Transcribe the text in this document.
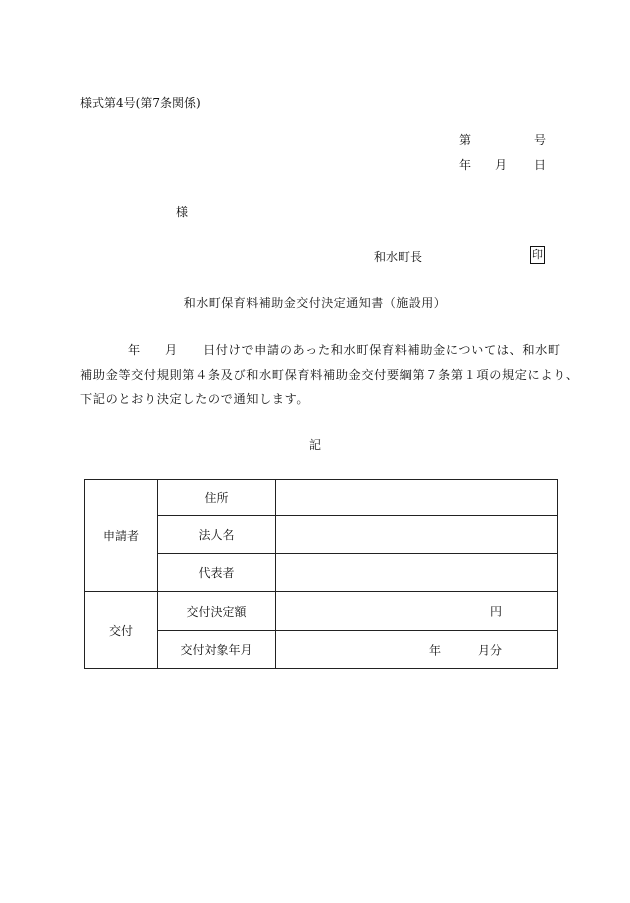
様式第4号(第7条関係)
第	号
年 月 日
様
和水町長	印
和水町保育料補助金交付決定通知書（施設用）
年 月 日付けで申請のあった和水町保育料補助金については、和水町
補助金等交付規則第４条及び和水町保育料補助金交付要綱第７条第１項の規定により、
下記のとおり決定したので通知します。
記
申請者	住所	
	法人名	
	代表者	
交付	交付決定額	円

	交付対象年月	年 月分
